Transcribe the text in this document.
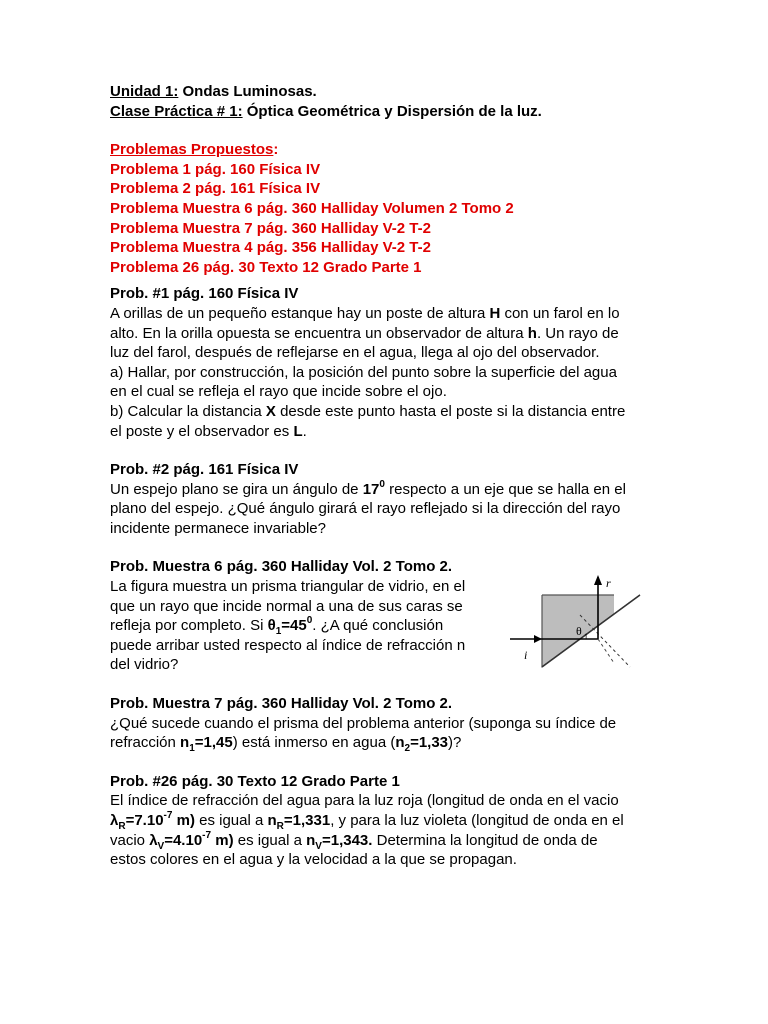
Unidad 1: Ondas Luminosas.
Clase Práctica # 1: Óptica Geométrica y Dispersión de la luz.
Problemas Propuestos:
Problema 1 pág. 160 Física IV
Problema 2 pág. 161 Física IV
Problema Muestra 6 pág. 360 Halliday Volumen 2 Tomo 2
Problema Muestra 7 pág. 360 Halliday V-2 T-2
Problema Muestra 4 pág. 356 Halliday V-2 T-2
Problema 26 pág. 30 Texto 12 Grado Parte 1
Prob. #1 pág. 160 Física IV
A orillas de un pequeño estanque hay un poste de altura H con un farol en lo
alto. En la orilla opuesta se encuentra un observador de altura h. Un rayo de
luz del farol, después de reflejarse en el agua, llega al ojo del observador.
a) Hallar, por construcción, la posición del punto sobre la superficie del agua
en el cual se refleja el rayo que incide sobre el ojo.
b) Calcular la distancia X desde este punto hasta el poste si la distancia entre
el poste y el observador es L.
Prob. #2 pág. 161 Física IV
Un espejo plano se gira un ángulo de $17^0$ respecto a un eje que se halla en el
plano del espejo. ¿Qué ángulo girará el rayo reflejado si la dirección del rayo
incidente permanece invariable?
Prob. Muestra 6 pág. 360 Halliday Vol. 2 Tomo 2.
La figura muestra un prisma triangular de vidrio, en el
que un rayo que incide normal a una de sus caras se
refleja por completo. Si $\theta_1=45^0$. ¿A qué conclusión
puede arribar usted respecto al índice de refracción n
del vidrio?
r
i
θ 1
Prob. Muestra 7 pág. 360 Halliday Vol. 2 Tomo 2.
¿Qué sucede cuando el prisma del problema anterior (suponga su índice de
refracción $n_1=1,45$) está inmerso en agua $(n_2=1,33)$?
Prob. #26 pág. 30 Texto 12 Grado Parte 1
El índice de refracción del agua para la luz roja (longitud de onda en el vacio
$\lambda_R=7.10^{-7}$ m) es igual a $n_R=1,331$, y para la luz violeta (longitud de onda en el
vacio $\lambda_V=4.10^{-7}$ m) es igual a $n_V=1,343$. Determina la longitud de onda de
estos colores en el agua y la velocidad a la que se propagan.
